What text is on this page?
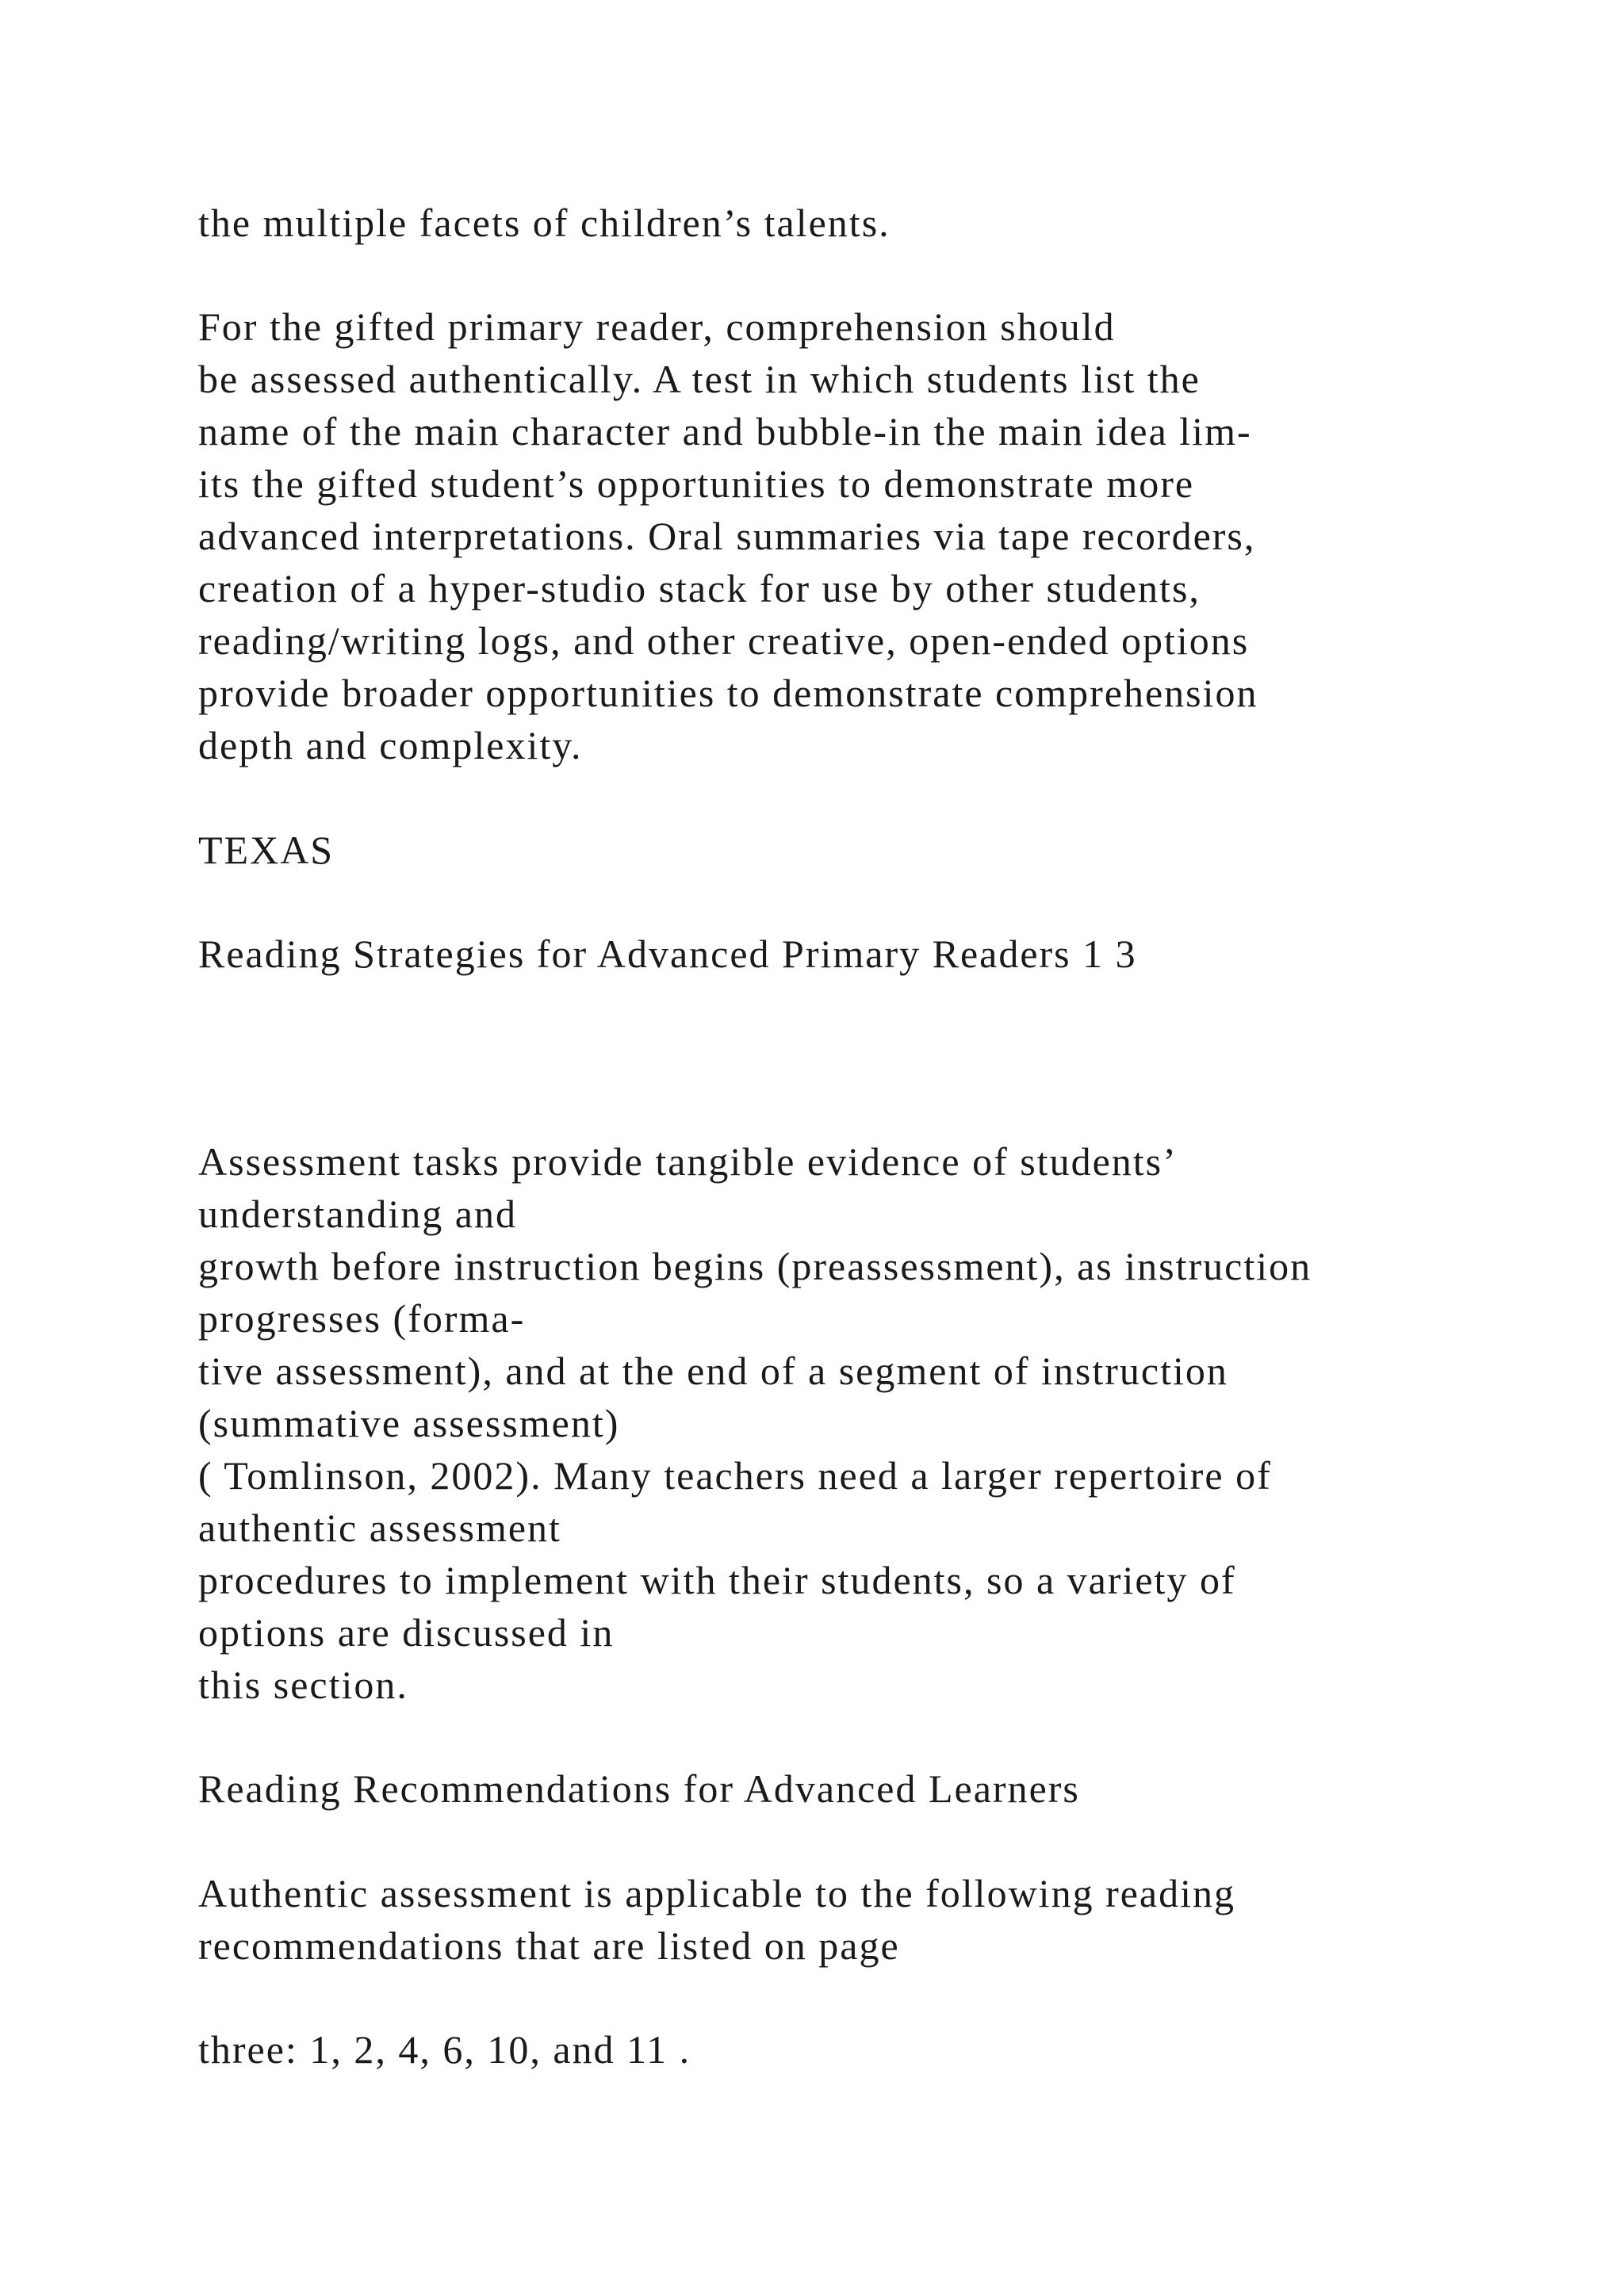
the multiple facets of children’s talents.

For the gifted primary reader, comprehension should

be assessed authentically. A test in which students list the

name of the main character and bubble-in the main idea lim-

its the gifted student’s opportunities to demonstrate more

advanced interpretations. Oral summaries via tape recorders,

creation of a hyper-studio stack for use by other students,

reading/writing logs, and other creative, open-ended options

provide broader opportunities to demonstrate comprehension

depth and complexity.

TEXAS

Reading Strategies for Advanced Primary Readers 1 3

Assessment tasks provide tangible evidence of students’

understanding and

growth before instruction begins (preassessment), as instruction

progresses (forma-

tive assessment), and at the end of a segment of instruction

(summative assessment)

( Tomlinson, 2002). Many teachers need a larger repertoire of

authentic assessment

procedures to implement with their students, so a variety of

options are discussed in

this section.

Reading Recommendations for Advanced Learners

Authentic assessment is applicable to the following reading

recommendations that are listed on page

three: 1, 2, 4, 6, 10, and 11 .
